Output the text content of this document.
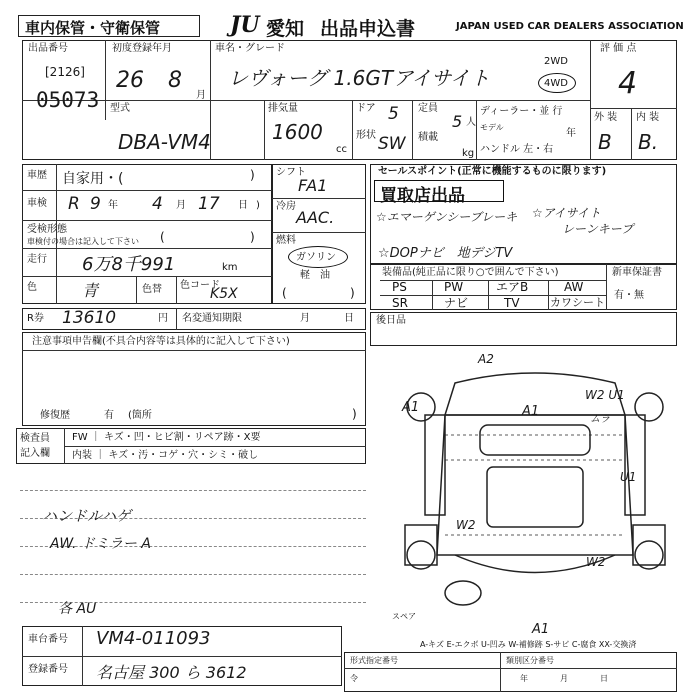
車内保管・守衛保管	JU 愛知 出品申込書	JAPAN USED CAR DEALERS ASSOCIATION
出品番号
[2126]
05073
初度登録年月
26 8
月
車名・グレード
レヴォーグ 1.6GTアイサイト
2WD
4WD
評 価 点
4
外 装 内 装
B B.
型式
DBA-VM4
排気量
1600
cc
ドア 5
形状 SW
定員
5 人
積載
kg
ディーラー・並 行
モデル
年
ハンドル 左・右
車歴 自家用・(	)
車検 R 9 年 4 月 17 日 )
受検形態
車検付の場合は記入して下さい (	)
走行 6万8千991	km
色	青	色替 色コード
K5X
シフト
FA1
冷房
AAC.
燃料
ガソリン
軽　油
(	)
セールスポイント(正常に機能するものに限ります)
買取店出品
☆エマーゲンシーブレーキ ☆アイサイト
レーンキープ
☆DOPナビ　地デジTV
装備品(純正品に限り○で囲んで下さい)	新車保証書
有・無
PS	PW	エアB	AW
SR	ナビ	TV	カワシート
R券 13610	円 名変通知期限	月	日
注意事項申告欄(不具合内容等は具体的に記入して下さい)
修復歴	有 (箇所	)
後日品
検査員
記入欄
FW ｜ キズ・凹・ヒビ割・リペア跡・X要
内装 ｜ キズ・汚・コゲ・穴・シミ・破し
ハンドルハゲ
AW. ドミラー A
各 AU
A2
A1
A1
W2 U1
ムラ
W2
U1
W2
A1
スペア
A-キズ E-エクボ U-凹み W-補修跡 S-サビ C-腐食 XX-交換済
車台番号 VM4-011093
登録番号 名古屋 300 ら 3612
形式指定番号	類別区分番号
令	年	月	日
